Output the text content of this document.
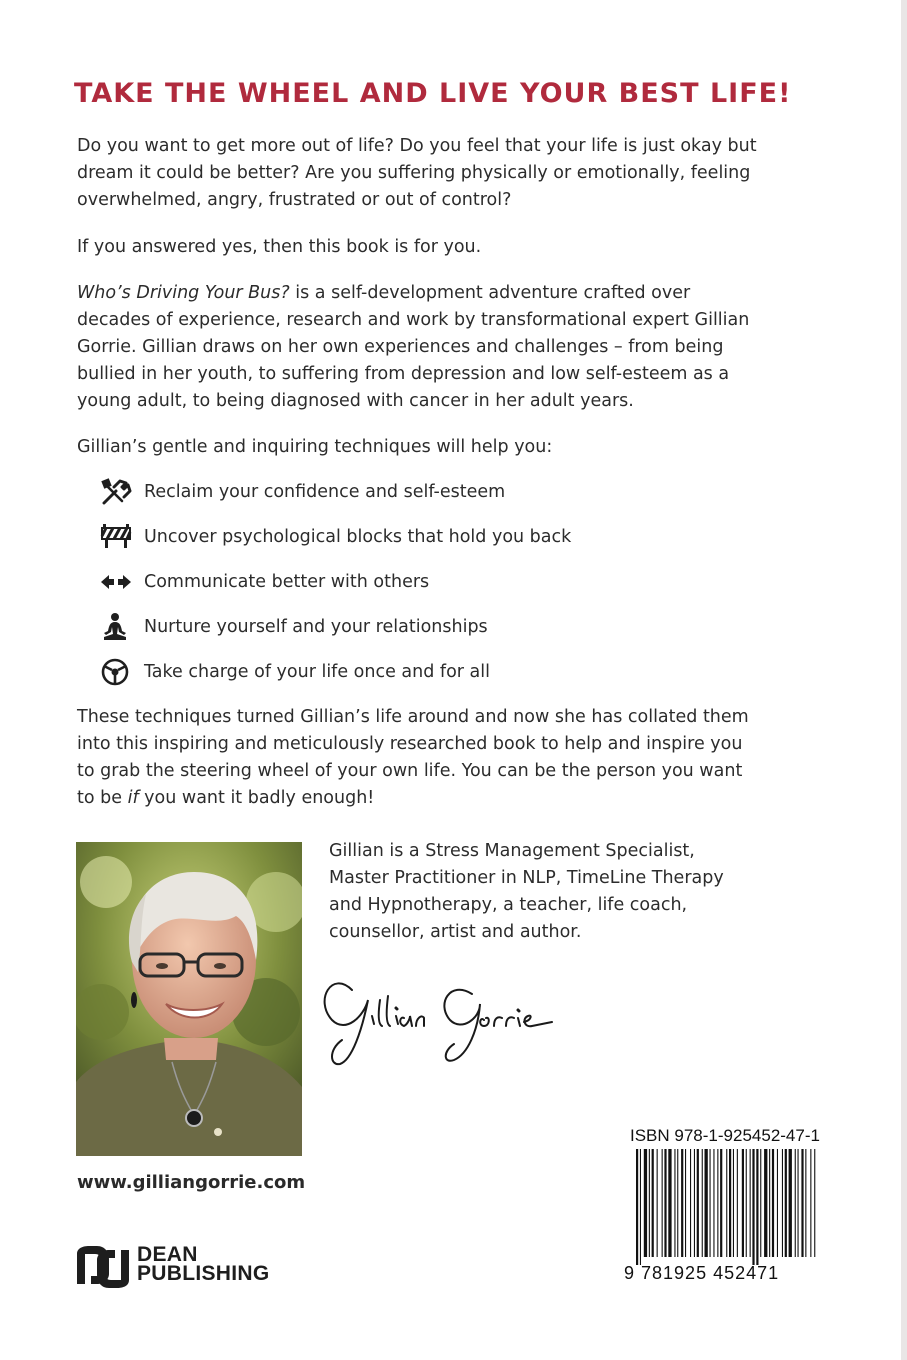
TAKE THE WHEEL AND LIVE YOUR BEST LIFE!

Do you want to get more out of life? Do you feel that your life is just okay but dream it could be better? Are you suffering physically or emotionally, feeling overwhelmed, angry, frustrated or out of control?

If you answered yes, then this book is for you.

Who’s Driving Your Bus? is a self-development adventure crafted over decades of experience, research and work by transformational expert Gillian Gorrie. Gillian draws on her own experiences and challenges – from being bullied in her youth, to suffering from depression and low self-esteem as a young adult, to being diagnosed with cancer in her adult years.

Gillian’s gentle and inquiring techniques will help you:

Reclaim your confidence and self-esteem
Uncover psychological blocks that hold you back
Communicate better with others
Nurture yourself and your relationships
Take charge of your life once and for all

These techniques turned Gillian’s life around and now she has collated them into this inspiring and meticulously researched book to help and inspire you to grab the steering wheel of your own life. You can be the person you want to be if you want it badly enough!

Gillian is a Stress Management Specialist, Master Practitioner in NLP, TimeLine Therapy and Hypnotherapy, a teacher, life coach, counsellor, artist and author.

www.gilliangorrie.com
DEAN
PUBLISHING
ISBN 978-1-925452-47-1
9 781925 452471
